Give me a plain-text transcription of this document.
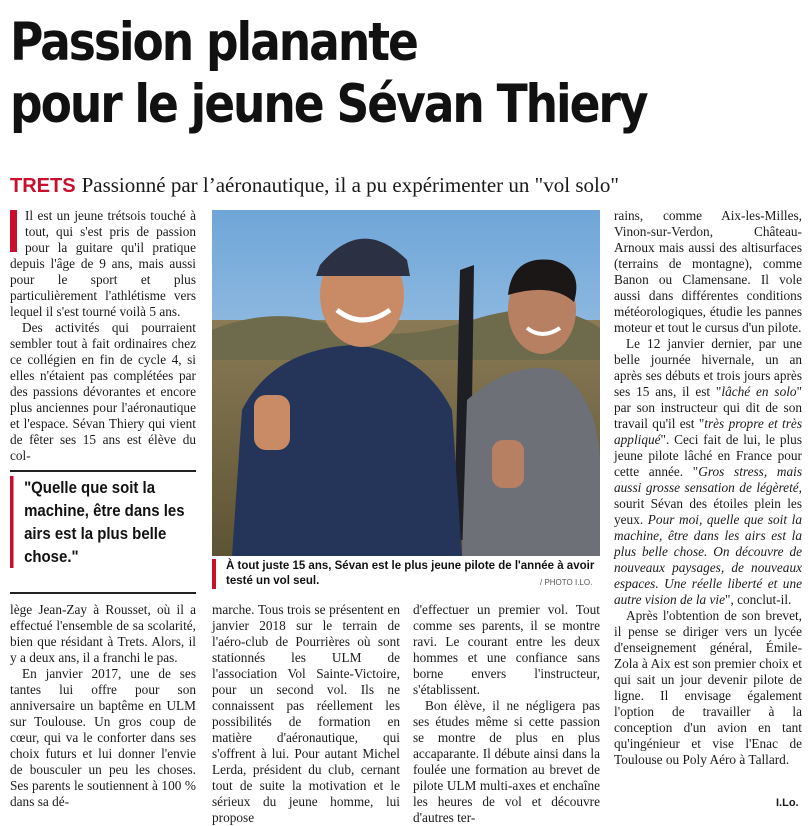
Passion planante
pour le jeune Sévan Thiery
TRETS Passionné par l’aéronautique, il a pu expérimenter un "vol solo"

Il est un jeune trétsois touché à tout, qui s'est pris de passion pour la guitare qu'il pratique depuis l'âge de 9 ans, mais aussi pour le sport et plus particulièrement l'athlétisme vers lequel il s'est tourné voilà 5 ans.

Des activités qui pourraient sembler tout à fait ordinaires chez ce collégien en fin de cycle 4, si elles n'étaient pas complétées par des passions dévorantes et encore plus anciennes pour l'aéronautique et l'espace. Sévan Thiery qui vient de fêter ses 15 ans est élève du col-

"Quelle que soit la machine, être dans les airs est la plus belle chose."	À tout juste 15 ans, Sévan est le plus jeune pilote de l'année à avoir testé un vol seul.	/ PHOTO I.LO.

lège Jean-Zay à Rousset, où il a effectué l'ensemble de sa scolarité, bien que résidant à Trets. Alors, il y a deux ans, il a franchi le pas.

En janvier 2017, une de ses tantes lui offre pour son anniversaire un baptême en ULM sur Toulouse. Un gros coup de cœur, qui va le conforter dans ses choix futurs et lui donner l'envie de bousculer un peu les choses. Ses parents le soutiennent à 100 % dans sa dé-

marche. Tous trois se présentent en janvier 2018 sur le terrain de l'aéro-club de Pourrières où sont stationnés les ULM de l'association Vol Sainte-Victoire, pour un second vol. Ils ne connaissent pas réellement les possibilités de formation en matière d'aéronautique, qui s'offrent à lui. Pour autant Michel Lerda, président du club, cernant tout de suite la motivation et le sérieux du jeune homme, lui propose

d'effectuer un premier vol. Tout comme ses parents, il se montre ravi. Le courant entre les deux hommes et une confiance sans borne envers l'instructeur, s'établissent.

Bon élève, il ne négligera pas ses études même si cette passion se montre de plus en plus accaparante. Il débute ainsi dans la foulée une formation au brevet de pilote ULM multi-axes et enchaîne les heures de vol et découvre d'autres ter-

rains, comme Aix-les-Milles, Vinon-sur-Verdon, Château-Arnoux mais aussi des altisurfaces (terrains de montagne), comme Banon ou Clamensane. Il vole aussi dans différentes conditions météorologiques, étudie les pannes moteur et tout le cursus d'un pilote.

Le 12 janvier dernier, par une belle journée hivernale, un an après ses débuts et trois jours après ses 15 ans, il est "lâché en solo" par son instructeur qui dit de son travail qu'il est "très propre et très appliqué". Ceci fait de lui, le plus jeune pilote lâché en France pour cette année. "Gros stress, mais aussi grosse sensation de légèreté, sourit Sévan des étoiles plein les yeux. Pour moi, quelle que soit la machine, être dans les airs est la plus belle chose. On découvre de nouveaux paysages, de nouveaux espaces. Une réelle liberté et une autre vision de la vie", conclut-il.

Après l'obtention de son brevet, il pense se diriger vers un lycée d'enseignement général, Émile-Zola à Aix est son premier choix et qui sait un jour devenir pilote de ligne. Il envisage également l'option de travailler à la conception d'un avion en tant qu'ingénieur et vise l'Enac de Toulouse ou Poly Aéro à Tallard.

I.Lo.
